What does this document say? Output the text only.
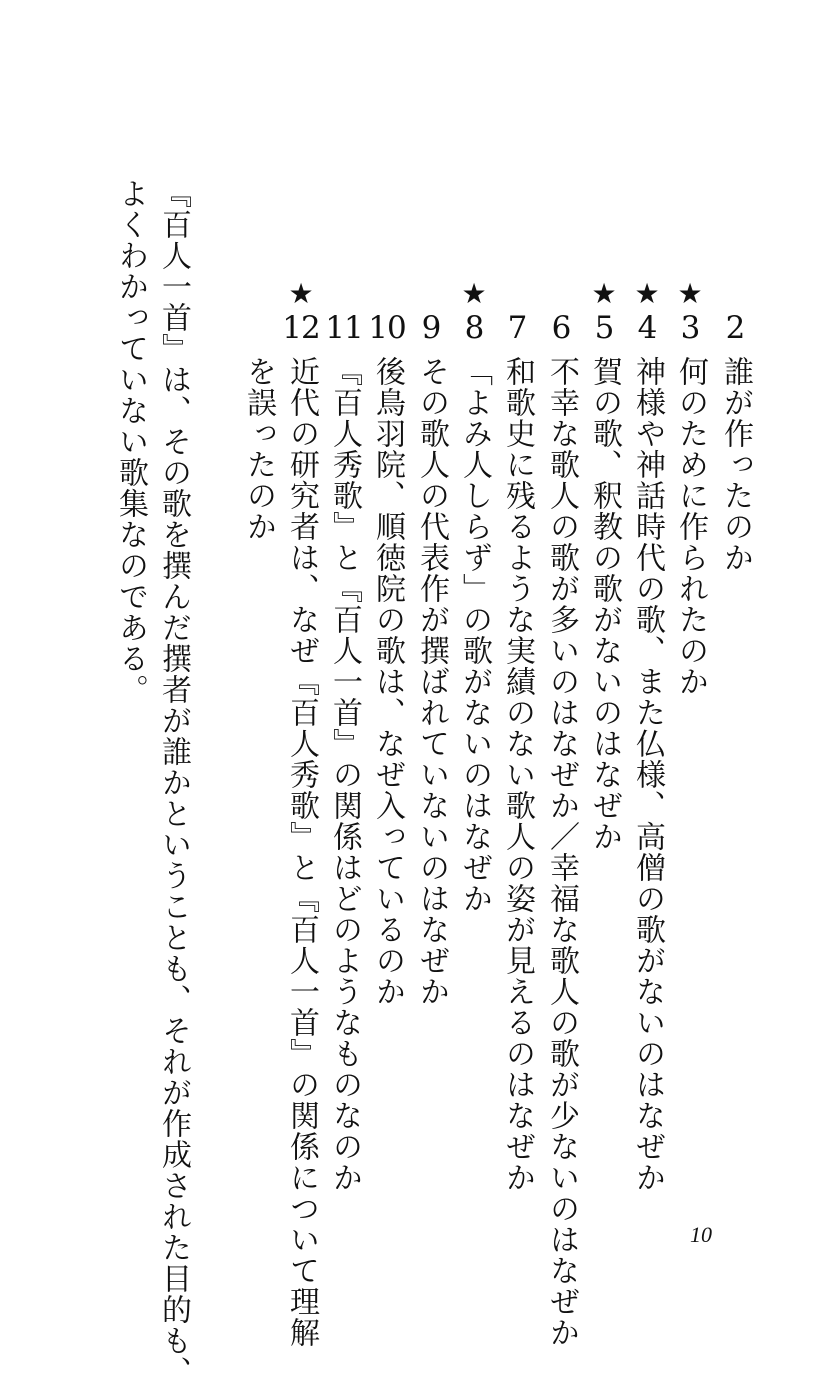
2
誰が作ったのか
★
3
何のために作られたのか
★
4
神様や神話時代の歌、また仏様、高僧の歌がないのはなぜか
★
5
賀の歌、釈教の歌がないのはなぜか
6
不幸な歌人の歌が多いのはなぜか／幸福な歌人の歌が少ないのはなぜか
7
和歌史に残るような実績のない歌人の姿が見えるのはなぜか
★
8
「よみ人しらず」の歌がないのはなぜか
9
その歌人の代表作が撰ばれていないのはなぜか
10
後鳥羽院、順徳院の歌は、なぜ入っているのか
11
『百人秀歌』と『百人一首』の関係はどのようなものなのか
★
12
近代の研究者は、なぜ『百人秀歌』と『百人一首』の関係について理解
を誤ったのか
『百人一首』は、その歌を撰んだ撰者が誰かということも、それが作成された目的も、
よくわかっていない歌集なのである。
10
